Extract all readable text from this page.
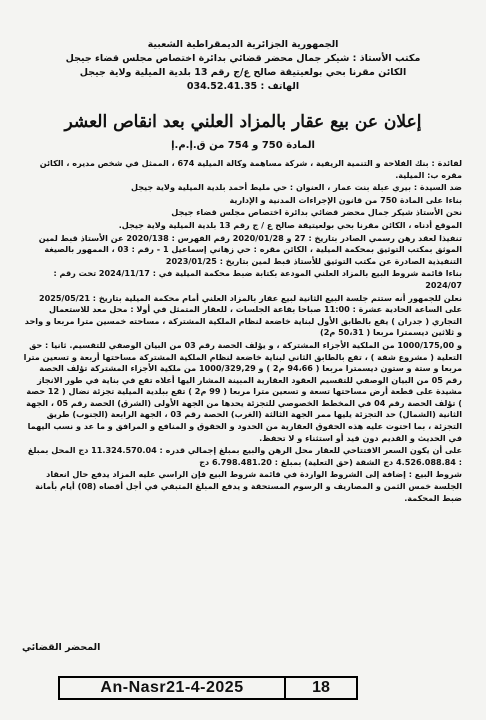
الجمهورية الجزائرية الديمقراطية الشعبية
مكتب الأستاذ : شيكر جمال محضر قضائي بدائرة اختصاص مجلس قضاء جيجل
الكائن مقرنا بحي بولعيتيقة صالح ع/ج رقم 13 بلدية الميلية ولاية جيجل
الهاتف : 034.52.41.35
إعلان عن بيع عقار بالمزاد العلني بعد انقاص العشر
المادة 750 و 754 من ق.إ.م.إ

لفائدة : بنك الفلاحة و التنمية الريفية ، شركة مساهمة وكالة الميلية 674 ، الممثل في شخص مديره ، الكائن مقره ب: الميلية.

ضد السيدة : بيري عبلة بنت عمار ، العنوان : حي مليط أحمد بلدية الميلية ولاية جيجل

بناءا على المادة 750 من قانون الإجراءات المدنية و الإدارية

نحن الأستاذ شيكر جمال محضر قضائي بدائرة اختصاص مجلس قضاء جيجل

الموقع أدناه ، الكائن مقرنا بحي بولعيتيقة صالح ع / ج رقم 13 بلدية الميلية ولاية جيجل.

تنفيذا لعقد رهن رسمي الصادر بتاريخ : 27 و 2020/01/28 رقم الفهرس : 2020/138 عن الأستاذ قبط لمين الموثق بمكتب التوثيق بمحكمة الميلية ، الكائن مقره : حي زهاني إسماعيل 1 - رقم : 03 ، الممهور بالصيغة التنفيذية الصادرة عن مكتب التوثيق للأستاذ قبط لمين بتاريخ : 2023/01/25

بناءا قائمة شروط البيع بالمزاد العلني المودعة بكتابة ضبط محكمة الميلية في : 2024/11/17 تحت رقم : 2024/07

نعلن للجمهور أنه ستتم جلسة البيع الثانية لبيع عقار بالمزاد العلني أمام محكمة الميلية بتاريخ : 2025/05/21 على الساعة الحادية عشرة : 11:00 صباحا بقاعة الجلسات ، للعقار المتمثل في أولا : محل معد للاستعمال التجاري ( جدران ) يقع بالطابق الأول لبناية خاضعة لنظام الملكية المشتركة ، مساحته خمسين مترا مربعا و واحد و ثلاثين ديسمترا مربعا ( 50،31 م2)

و 1000/175,00 من الملكية الأجزاء المشتركة ، و يؤلف الحصة رقم 03 من البيان الوصفي للتقسيم. ثانيا : حق التعلية ( مشروع شقة ) ، تقع بالطابق الثاني لبناية خاضعة لنظام الملكية المشتركة مساحتها أربعة و تسعين مترا مربعا و ستة و ستون ديسمترا مربعا ( 94،66 م2 ) و 1000/329,29 من ملكية الأجزاء المشتركة تؤلف الحصة رقم 05 من البيان الوصفي للتقسيم العقود العقارية المبينة المشار اليها أعلاه تقع في بناية في طور الانجاز مشيدة على قطعة أرض مساحتها تسعة و تسعين مترا مربعا ( 99 م2 ) تقع ببلدية الميلية تجزئة نضال ( 12 حصة ) تؤلف الحصة رقم 04 في المخطط الخصوصي للتجزئة يحدها من الجهة الأولى (الشرق) الحصة رقم 05 ، الجهة الثانية (الشمال) حد التجزئة يليها ممر الجهة الثالثة (الغرب) الحصة رقم 03 ، الجهة الرابعة (الجنوب) طريق التجزئة ، بما احتوت عليه هذه الحقوق العقارية من الحدود و الحقوق و المنافع و المرافق و ما عد و نسب اليهما في الحديث و القديم دون قيد أو استثناء و لا تحفظ.

على أن يكون السعر الافتتاحي للعقار محل الرهن والبيع بمبلغ إجمالي قدره : 11.324.570.04 دج المحل بمبلغ : 4.526.088.84 دج الشقة (حق التعلية) بمبلغ : 6.798.481.20 دج

شروط البيع : إضافة إلى الشروط الواردة في قائمة شروط البيع فإن الراسي عليه المزاد يدفع حال انعقاد الجلسة خمس الثمن و المصاريف و الرسوم المستحقة و يدفع المبلغ المتبقي في أجل أقصاه (08) أيام بأمانة ضبط المحكمة.

المحضر القضائي
An-Nasr21-4-2025	18
